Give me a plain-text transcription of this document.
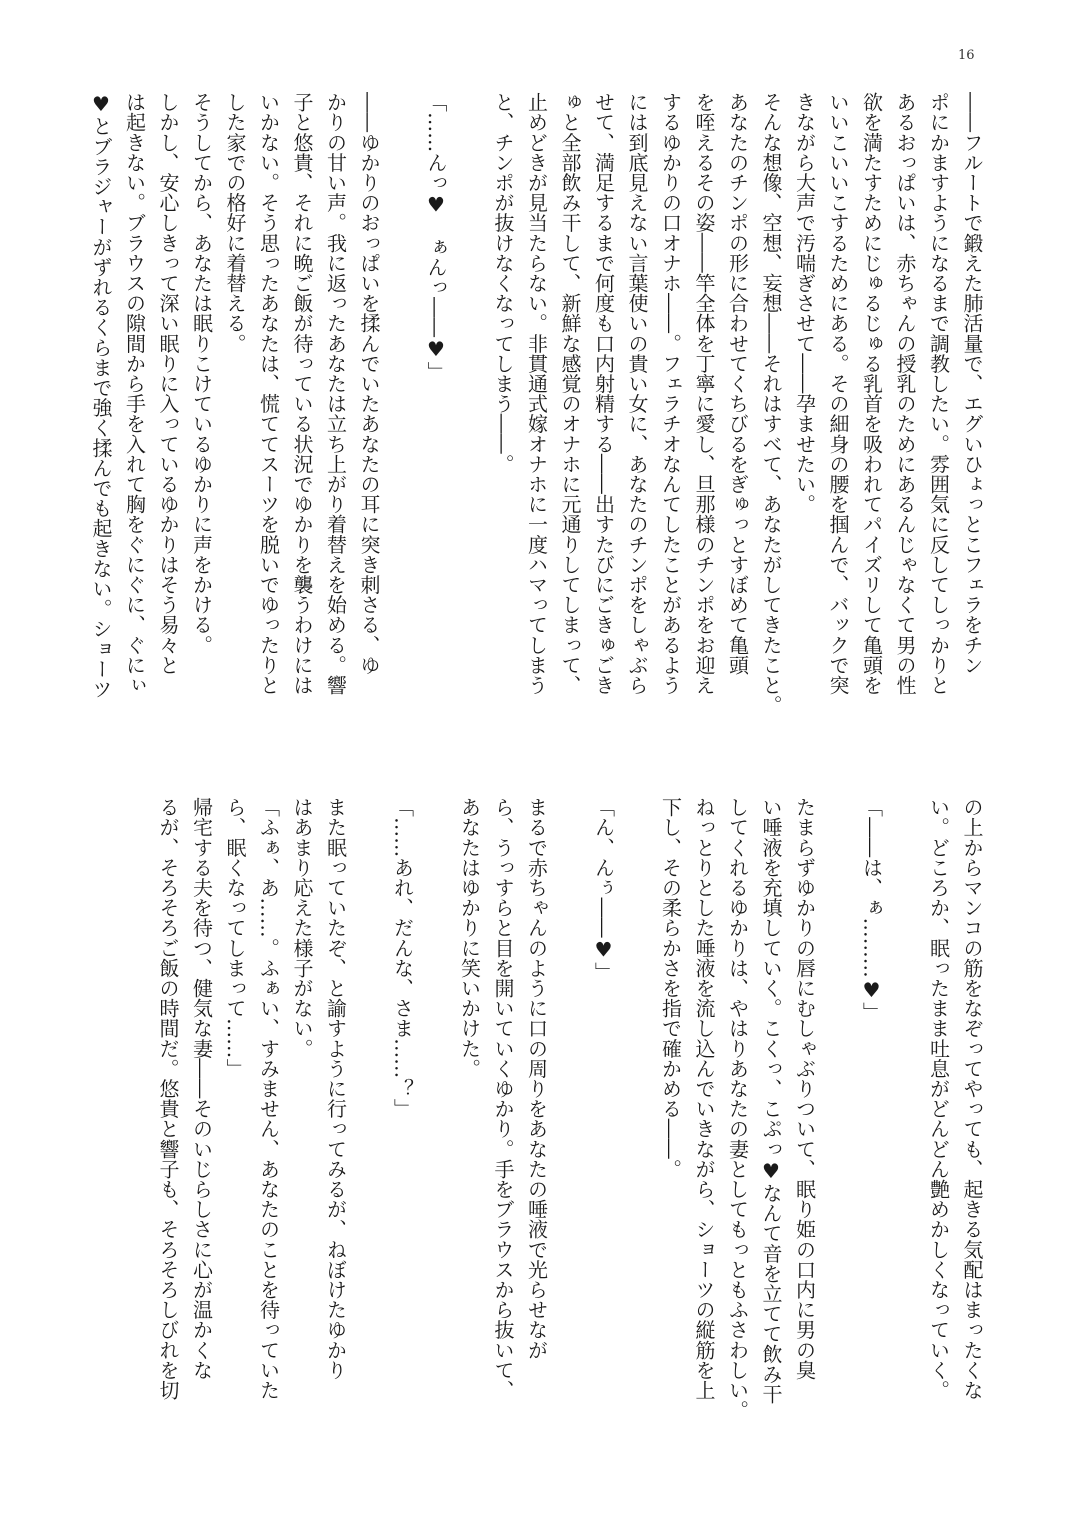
16

――フルートで鍛えた肺活量で、エグいひょっとこフェラをチン

ポにかますようになるまで調教したい。雰囲気に反してしっかりと

あるおっぱいは、赤ちゃんの授乳のためにあるんじゃなくて男の性

欲を満たすためにじゅるじゅる乳首を吸われてパイズリして亀頭を

いいこいいこするためにある。その細身の腰を掴んで、バックで突

きながら大声で汚喘ぎさせて――孕ませたい。

そんな想像、空想、妄想――それはすべて、あなたがしてきたこと。

あなたのチンポの形に合わせてくちびるをぎゅっとすぼめて亀頭

を咥えるその姿――竿全体を丁寧に愛し、旦那様のチンポをお迎え

するゆかりの口オナホ――。フェラチオなんてしたことがあるよう

には到底見えない言葉使いの貴い女に、あなたのチンポをしゃぶら

せて、満足するまで何度も口内射精する――出すたびにごきゅごき

ゅと全部飲み干して、新鮮な感覚のオナホに元通りしてしまって、

止めどきが見当たらない。非貫通式嫁オナホに一度ハマってしまう

と、チンポが抜けなくなってしまう――。

「……んっ♥　ぁんっ――♥」

――ゆかりのおっぱいを揉んでいたあなたの耳に突き刺さる、ゆ

かりの甘い声。我に返ったあなたは立ち上がり着替えを始める。響

子と悠貴、それに晩ご飯が待っている状況でゆかりを襲うわけには

いかない。そう思ったあなたは、慌ててスーツを脱いでゆったりと

した家での格好に着替える。

そうしてから、あなたは眠りこけているゆかりに声をかける。

しかし、安心しきって深い眠りに入っているゆかりはそう易々と

は起きない。ブラウスの隙間から手を入れて胸をぐにぐに、ぐにぃ

♥とブラジャーがずれるくらまで強く揉んでも起きない。ショーツ

の上からマンコの筋をなぞってやっても、起きる気配はまったくな

い。どころか、眠ったまま吐息がどんどん艶めかしくなっていく。

「――は、ぁ………♥」

たまらずゆかりの唇にむしゃぶりついて、眠り姫の口内に男の臭

い唾液を充填していく。こくっ、こぷっ♥なんて音を立てて飲み干

してくれるゆかりは、やはりあなたの妻としてもっともふさわしい。

ねっとりとした唾液を流し込んでいきながら、ショーツの縦筋を上

下し、その柔らかさを指で確かめる――。

「ん、んぅ――♥」

まるで赤ちゃんのように口の周りをあなたの唾液で光らせなが

ら、うっすらと目を開いていくゆかり。手をブラウスから抜いて、

あなたはゆかりに笑いかけた。

「……あれ、だんな、さま……？」

また眠っていたぞ、と諭すように行ってみるが、ねぼけたゆかり

はあまり応えた様子がない。

「ふぁ、あ……。ふぁい、すみません、あなたのことを待っていた

ら、眠くなってしまって……」

帰宅する夫を待つ、健気な妻――そのいじらしさに心が温かくな

るが、そろそろご飯の時間だ。悠貴と響子も、そろそろしびれを切
